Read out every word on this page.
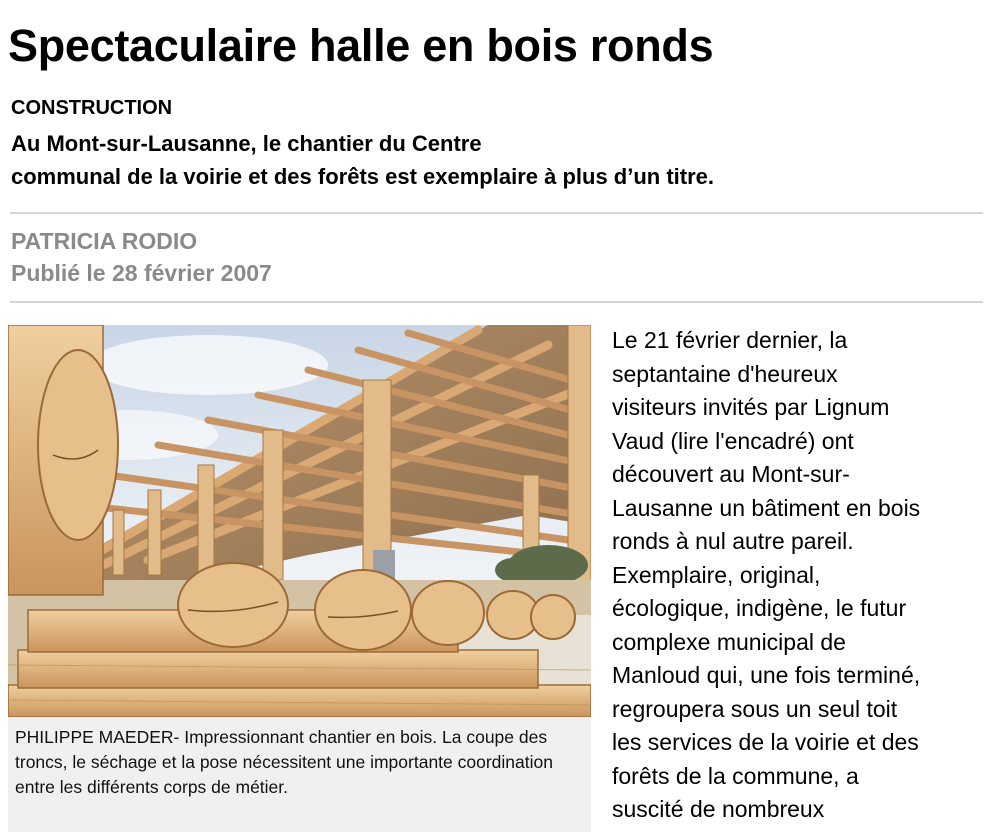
Spectaculaire halle en bois ronds
CONSTRUCTION
Au Mont-sur-Lausanne, le chantier du Centre
communal de la voirie et des forêts est exemplaire à plus d’un titre.
PATRICIA RODIO
Publié le 28 février 2007
PHILIPPE MAEDER- Impressionnant chantier en bois. La coupe des troncs, le séchage et la pose nécessitent une importante coordination entre les différents corps de métier.
Le 21 février dernier, la
septantaine d'heureux
visiteurs invités par Lignum
Vaud (lire l'encadré) ont
découvert au Mont-sur-
Lausanne un bâtiment en bois
ronds à nul autre pareil.
Exemplaire, original,
écologique, indigène, le futur
complexe municipal de
Manloud qui, une fois terminé,
regroupera sous un seul toit
les services de la voirie et des
forêts de la commune, a
suscité de nombreux
